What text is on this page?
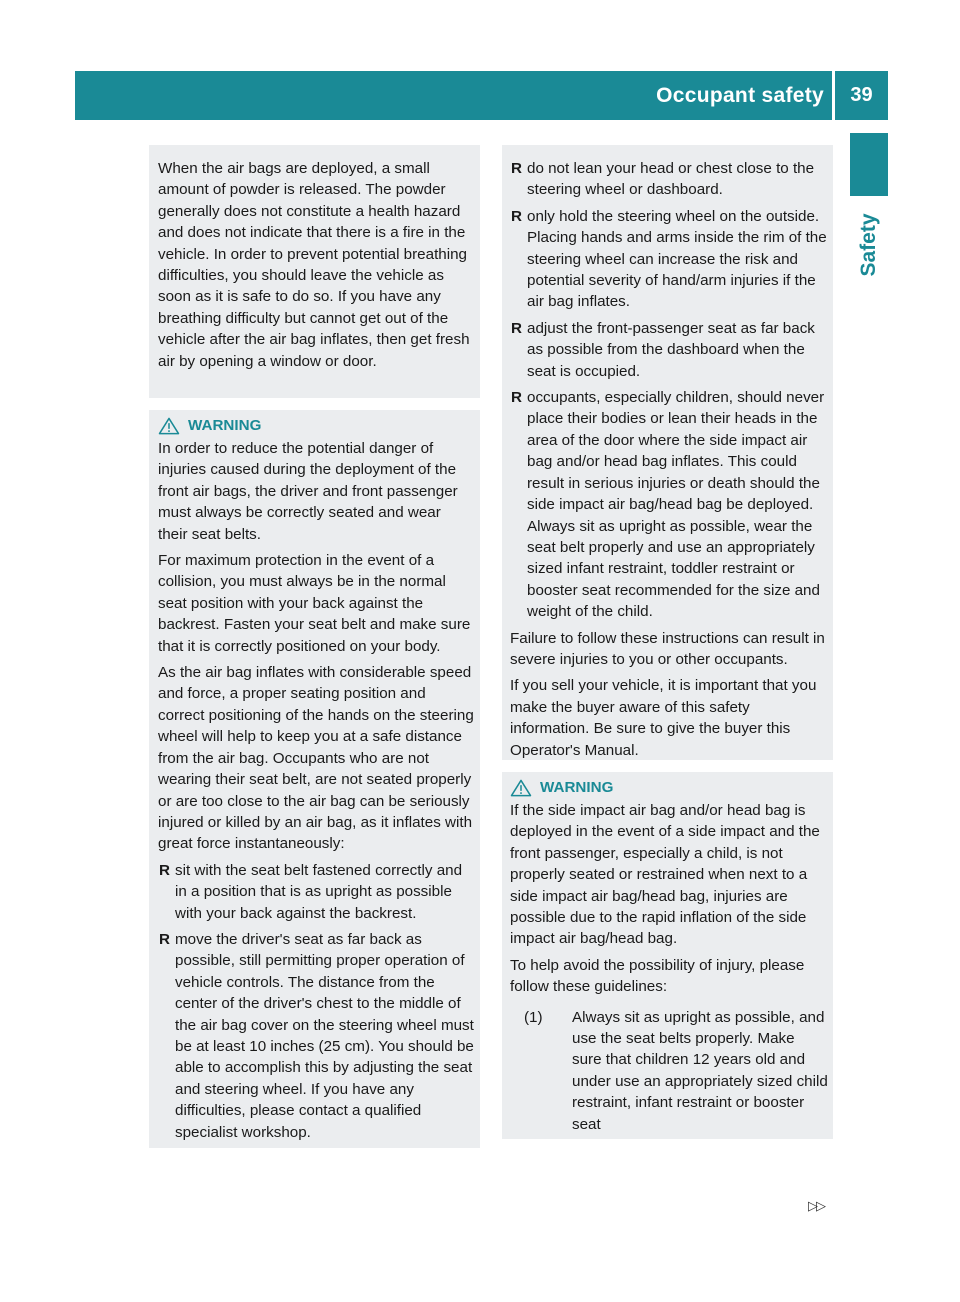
Occupant safety	39
Safety

When the air bags are deployed, a small amount of powder is released. The powder generally does not constitute a health hazard and does not indicate that there is a fire in the vehicle. In order to prevent potential breathing difficulties, you should leave the vehicle as soon as it is safe to do so. If you have any breathing difficulty but cannot get out of the vehicle after the air bag inflates, then get fresh air by opening a window or door.

WARNING

In order to reduce the potential danger of injuries caused during the deployment of the front air bags, the driver and front passenger must always be correctly seated and wear their seat belts.

For maximum protection in the event of a collision, you must always be in the normal seat position with your back against the backrest. Fasten your seat belt and make sure that it is correctly positioned on your body.

As the air bag inflates with considerable speed and force, a proper seating position and correct positioning of the hands on the steering wheel will help to keep you at a safe distance from the air bag. Occupants who are not wearing their seat belt, are not seated properly or are too close to the air bag can be seriously injured or killed by an air bag, as it inflates with great force instantaneously:

R sit with the seat belt fastened correctly and in a position that is as upright as possible with your back against the backrest.
R move the driver's seat as far back as possible, still permitting proper operation of vehicle controls. The distance from the center of the driver's chest to the middle of the air bag cover on the steering wheel must be at least 10 inches (25 cm). You should be able to accomplish this by adjusting the seat and steering wheel. If you have any difficulties, please contact a qualified specialist workshop.
R do not lean your head or chest close to the steering wheel or dashboard.
R only hold the steering wheel on the outside. Placing hands and arms inside the rim of the steering wheel can increase the risk and potential severity of hand/arm injuries if the air bag inflates.
R adjust the front-passenger seat as far back as possible from the dashboard when the seat is occupied.
R occupants, especially children, should never place their bodies or lean their heads in the area of the door where the side impact air bag and/or head bag inflates. This could result in serious injuries or death should the side impact air bag/head bag be deployed. Always sit as upright as possible, wear the seat belt properly and use an appropriately sized infant restraint, toddler restraint or booster seat recommended for the size and weight of the child.

Failure to follow these instructions can result in severe injuries to you or other occupants.

If you sell your vehicle, it is important that you make the buyer aware of this safety information. Be sure to give the buyer this Operator's Manual.

WARNING

If the side impact air bag and/or head bag is deployed in the event of a side impact and the front passenger, especially a child, is not properly seated or restrained when next to a side impact air bag/head bag, injuries are possible due to the rapid inflation of the side impact air bag/head bag.

To help avoid the possibility of injury, please follow these guidelines:

(1)	Always sit as upright as possible, and use the seat belts properly. Make sure that children 12 years old and under use an appropriately sized child restraint, infant restraint or booster seat
▷▷
